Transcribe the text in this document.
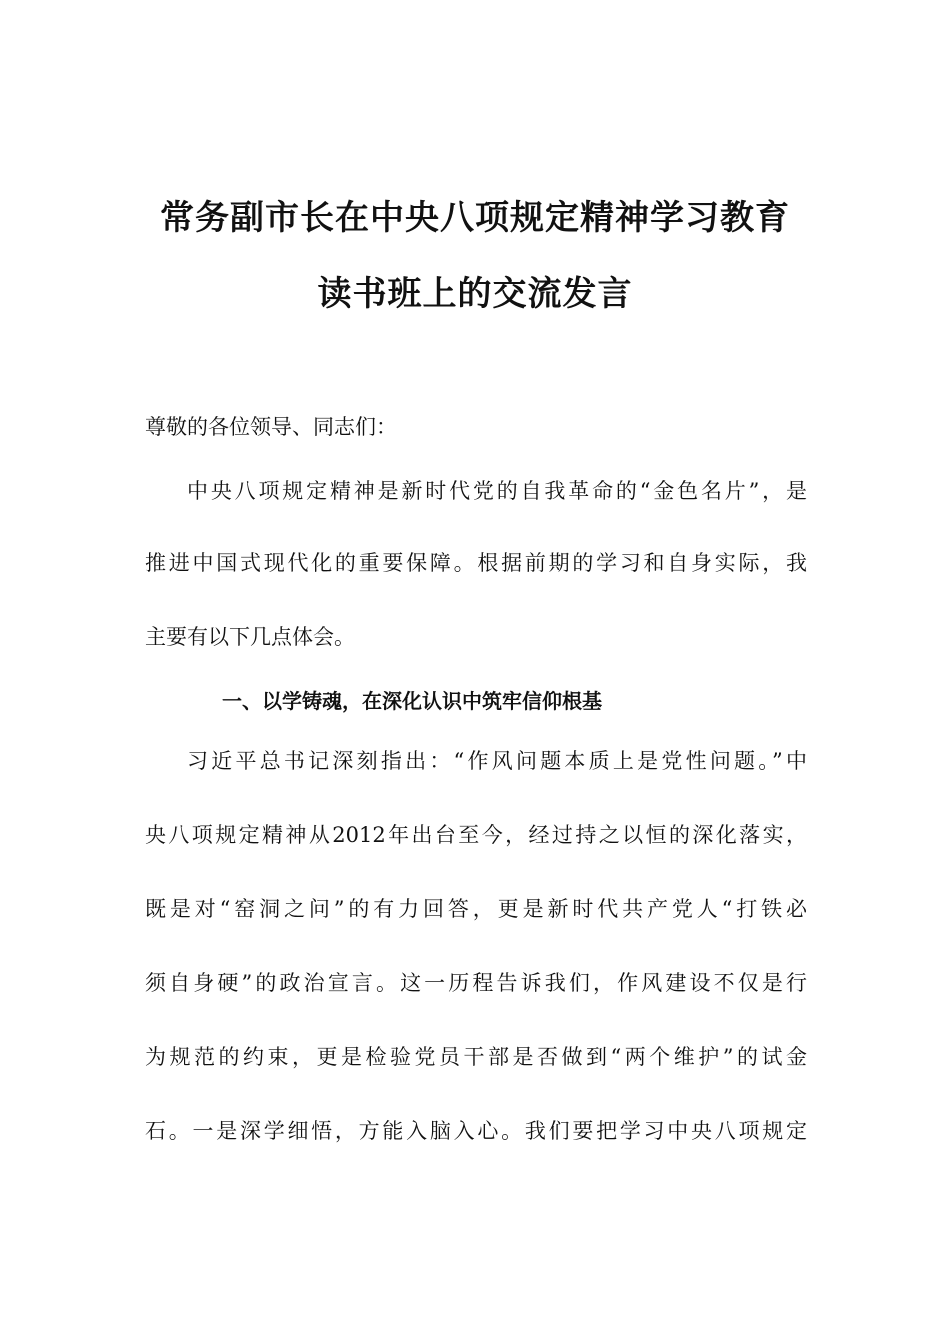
常务副市长在中央八项规定精神学习教育
读书班上的交流发言
尊敬的各位领导、同志们：
中央八项规定精神是新时代党的自我革命的“金色名片”，是
推进中国式现代化的重要保障。根据前期的学习和自身实际，我
主要有以下几点体会。
一、以学铸魂，在深化认识中筑牢信仰根基
习近平总书记深刻指出：“作风问题本质上是党性问题。”中
央八项规定精神从2012年出台至今，经过持之以恒的深化落实，
既是对“窑洞之问”的有力回答，更是新时代共产党人“打铁必
须自身硬”的政治宣言。这一历程告诉我们，作风建设不仅是行
为规范的约束，更是检验党员干部是否做到“两个维护”的试金
石。一是深学细悟，方能入脑入心。我们要把学习中央八项规定
